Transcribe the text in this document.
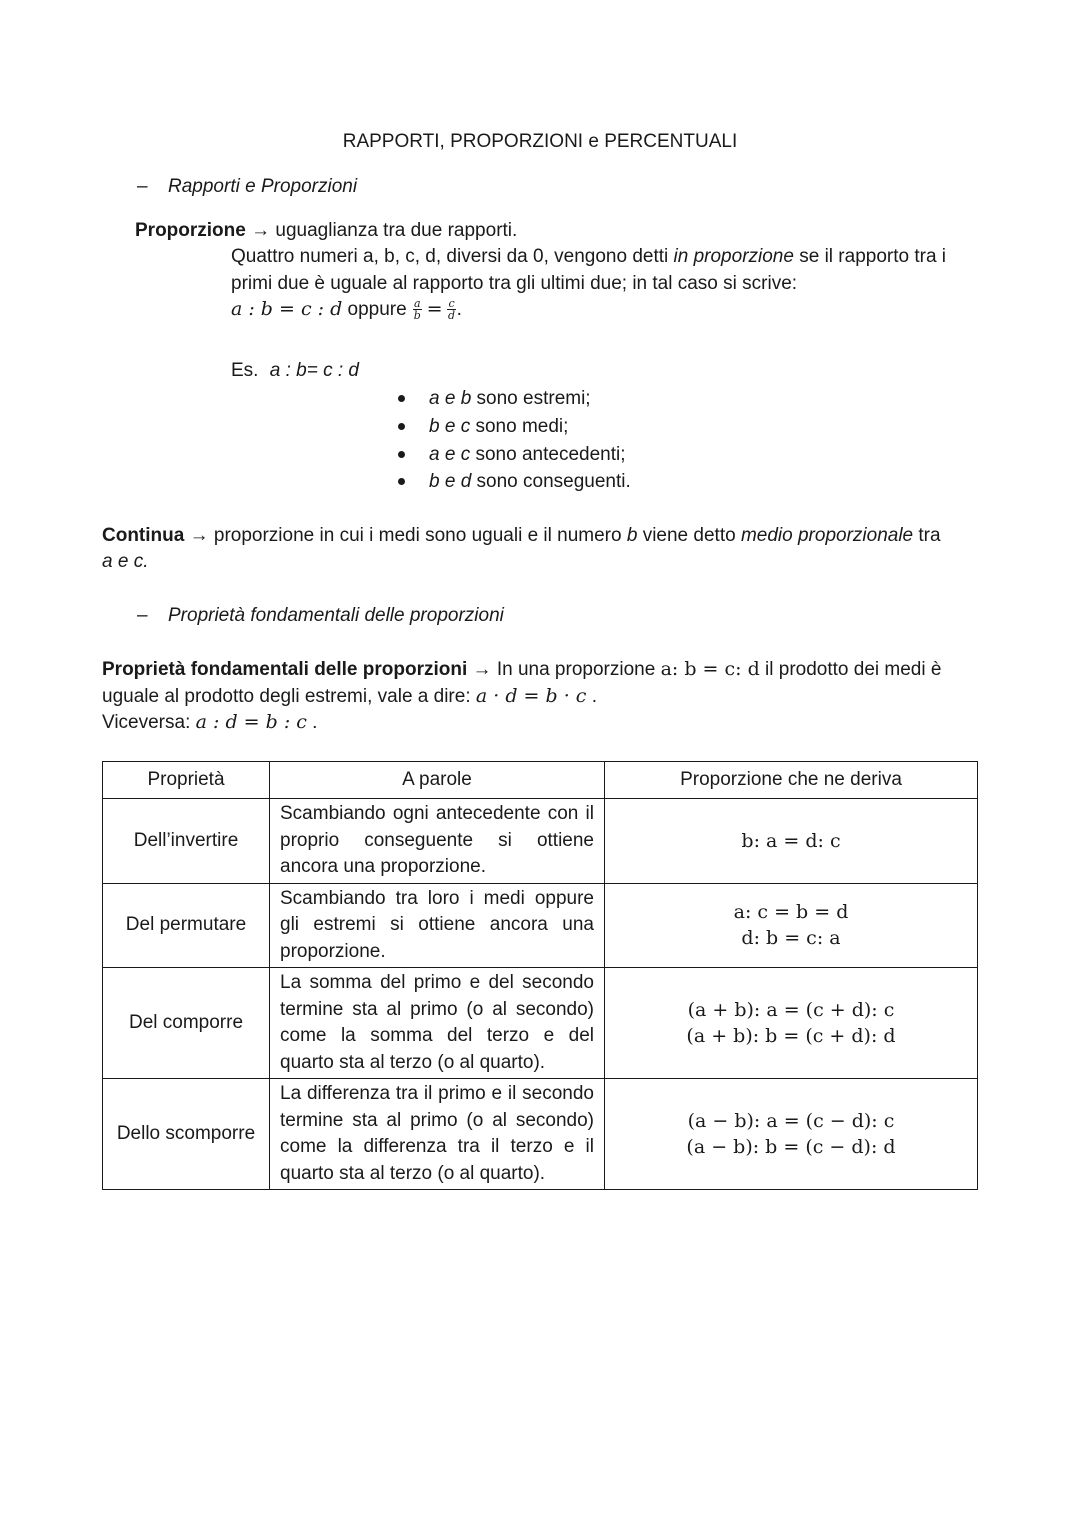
RAPPORTI, PROPORZIONI e PERCENTUALI
– Rapporti e Proporzioni
Proporzione → uguaglianza tra due rapporti.
Quattro numeri a, b, c, d, diversi da 0, vengono detti in proporzione se il rapporto tra i
primi due è uguale al rapporto tra gli ultimi due; in tal caso si scrive:
a : b = c : d oppure $\frac{a}{b} = \frac{c}{d}$ .
Es. a : b= c : d
a e b sono estremi;
b e c sono medi;
a e c sono antecedenti;
b e d sono conseguenti.
Continua → proporzione in cui i medi sono uguali e il numero b viene detto medio proporzionale tra
a e c.
– Proprietà fondamentali delle proporzioni
Proprietà fondamentali delle proporzioni → In una proporzione a: b = c: d il prodotto dei medi è
uguale al prodotto degli estremi, vale a dire: a · d = b · c .
Viceversa: a : d = b : c .
Proprietà	A parole	Proporzione che ne deriva
Dell’invertire	Scambiando ogni antecedente con il proprio conseguente si ottiene ancora una proporzione.	b: a = d: c

Del permutare	Scambiando tra loro i medi oppure gli estremi si ottiene ancora una proporzione.	a: c = b = d
d: b = c: a

Del comporre	La somma del primo e del secondo termine sta al primo (o al secondo) come la somma del terzo e del quarto sta al terzo (o al quarto).	(a + b): a = (c + d): c
(a + b): b = (c + d): d

Dello scomporre	La differenza tra il primo e il secondo termine sta al primo (o al secondo) come la differenza tra il terzo e il quarto sta al terzo (o al quarto).	(a − b): a = (c − d): c
(a − b): b = (c − d): d
